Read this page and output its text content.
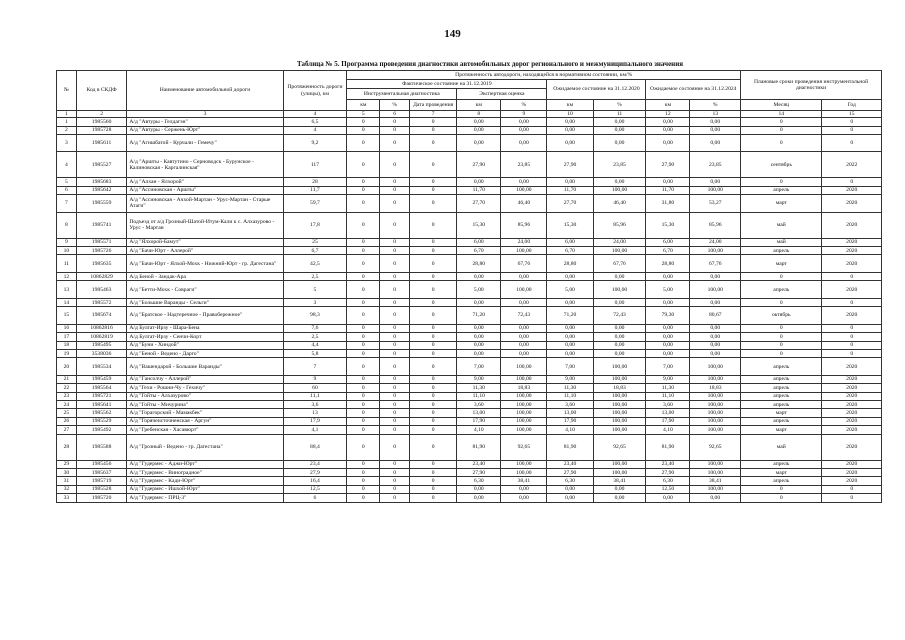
149
Таблица № 5. Программа проведения диагностики автомобильных дорог регионального и межмуниципального значения
№	Код в СКДФ	Наименование автомобильной дороги	Протяженность дороги (улицы), км	Протяженность автодороги, находящейся в нормативном состоянии, км/%									Плановые сроки проведения инструментальной диагностики	
				Фактическое состояние на 31.12.2019					Ожидаемое состояние на 31.12.2020		Ожидаемое состояние на 31.12.2024			
				Инструментальная диагностика			Экспертная оценка							
				км	%	Дата проведения	км	%	км	%	км	%	Месяц	Год
1	2	3	4	5	6	7	8	9	10	11	12	13	14	15
1	1985560	А/д "Автуры - Гелдагэн"	6,5	0	0	0	0,00	0,00	0,00	0,00	0,00	0,00	0	0
2	1985728	А/д "Автуры - Сержень-Юрт"	4	0	0	0	0,00	0,00	0,00	0,00	0,00	0,00	0	0
3	1985611	А/д "Агишбатой - Курчали - Гемечу"	9,2	0	0	0	0,00	0,00	0,00	0,00	0,00	0,00	0	0
4	1985527	А/д "Аршты - Кавтутино - Серноводск - Бурунское - Калиновская - Каргалинская"	117	0	0	0	27,90	23,85	27,90	23,85	27,90	23,85	сентябрь	2022
5	1985683	А/д "Алхан - Ялхорой"	28	0	0	0	0,00	0,00	0,00	0,00	0,00	0,00	0	0
6	1985642	А/д "Ассиновская - Аршты"	11,7	0	0	0	11,70	100,00	11,70	100,00	11,70	100,00	апрель	2020
7	1985559	А/д "Ассиновская - Ачхой-Мартан - Урус-Мартан - Старые Атаги"	59,7	0	0	0	27,70	46,40	27,70	46,40	31,80	53,27	март	2020
8	1985741	Подъезд от а/д Грозный-Шатой-Итум-Кали к с. Алхазурово - Урус - Мартан	17,8	0	0	0	15,30	85,96	15,30	85,96	15,30	85,96	май	2020
9	1985571	А/д "Ялхорой-Бамут"	25	0	0	0	6,00	24,00	6,00	24,00	6,00	24,00	май	2020
10	1985726	А/д "Бачи-Юрт - Аллерой"	6,7	0	0	0	6,70	100,00	6,70	100,00	6,70	100,00	апрель	2020
11	1985635	А/д "Бачи-Юрт - Ялхой-Мохк - Нижний-Юрт - гр. Дагестана"	42,5	0	0	0	28,80	67,76	28,80	67,76	28,80	67,76	март	2020
12	10862829	А/д Беной - Зандак-Ара	2,5	0	0	0	0,00	0,00	0,00	0,00	0,00	0,00	0	0
13	1985463	А/д "Бетти-Мохк - Совраги"	5	0	0	0	5,00	100,00	5,00	100,00	5,00	100,00	апрель	2020
14	1985572	А/д "Большие Варанды - Сельги"	3	0	0	0	0,00	0,00	0,00	0,00	0,00	0,00	0	0
15	1985674	А/д "Братское - Надтеречное - Правобережное"	98,3	0	0	0	71,20	72,43	71,20	72,43	79,30	80,67	октябрь	2020
16	10862816	А/д Булгат-Ирзу - Шара-Бена	7,6	0	0	0	0,00	0,00	0,00	0,00	0,00	0,00	0	0
17	10862819	А/д Булгат-Ирзу - Сенчи-Корт	2,5	0	0	0	0,00	0,00	0,00	0,00	0,00	0,00	0	0
18	1985495	А/д "Буни - Хиндой"	4,4	0	0	0	0,00	0,00	0,00	0,00	0,00	0,00	0	0
19	3538036	А/д "Беной - Ведено - Дарго"	5,8	0	0	0	0,00	0,00	0,00	0,00	0,00	0,00	0	0
20	1985534	А/д "Вашендарой - Большие Варанды"	7	0	0	0	7,00	100,00	7,00	100,00	7,00	100,00	апрель	2020
21	1985459	А/д "Гансолчу - Аллерой"	9	0	0	0	9,00	100,00	9,00	100,00	9,00	100,00	апрель	2020
22	1985564	А/д "Гехи - Рошни-Чу - Гехичу"	60	0	0	0	11,30	18,83	11,30	18,83	11,30	18,83	апрель	2020
23	1985721	А/д "Гойты - Алхазурово"	11,1	0	0	0	11,10	100,00	11,10	100,00	11,10	100,00	апрель	2020
24	1985641	А/д "Гойты - Мичурина"	3,6	0	0	0	3,60	100,00	3,60	100,00	3,60	100,00	апрель	2020
25	1985562	А/д "Горагорский - Мамакбек"	13	0	0	0	13,00	100,00	13,00	100,00	13,00	100,00	март	2020
26	1985529	А/д "Горячеисточненская - Аргун"	17,9	0	0	0	17,90	100,00	17,90	100,00	17,90	100,00	апрель	2020
27	1985492	А/д "Гребенская - Хасавюрт"	4,1	0	0	0	4,10	100,00	4,10	100,00	4,10	100,00	март	2020
28	1985588	А/д "Грозный - Ведено - гр. Дагестана"	88,4	0	0	0	81,90	92,65	81,90	92,65	81,90	92,65	май	2020
29	1985456	А/д "Гудермес - Аджи-Юрт"	23,4	0	0	0	23,40	100,00	23,40	100,00	23,40	100,00	апрель	2020
30	1985637	А/д "Гудермес - Виноградное"	27,9	0	0	0	27,90	100,00	27,90	100,00	27,90	100,00	март	2020
31	1985719	А/д "Гудермес - Кади-Юрт"	16,4	0	0	0	6,30	38,41	6,30	38,41	6,30	38,41	апрель	2020
32	1985528	А/д "Гудермес - Ишхой-Юрт"	12,5	0	0	0	0,00	0,00	0,00	0,00	12,50	100,00	0	0
33	1985720	А/д "Гудермес - ПРЦ-3"	6	0	0	0	0,00	0,00	0,00	0,00	0,00	0,00	0	0
